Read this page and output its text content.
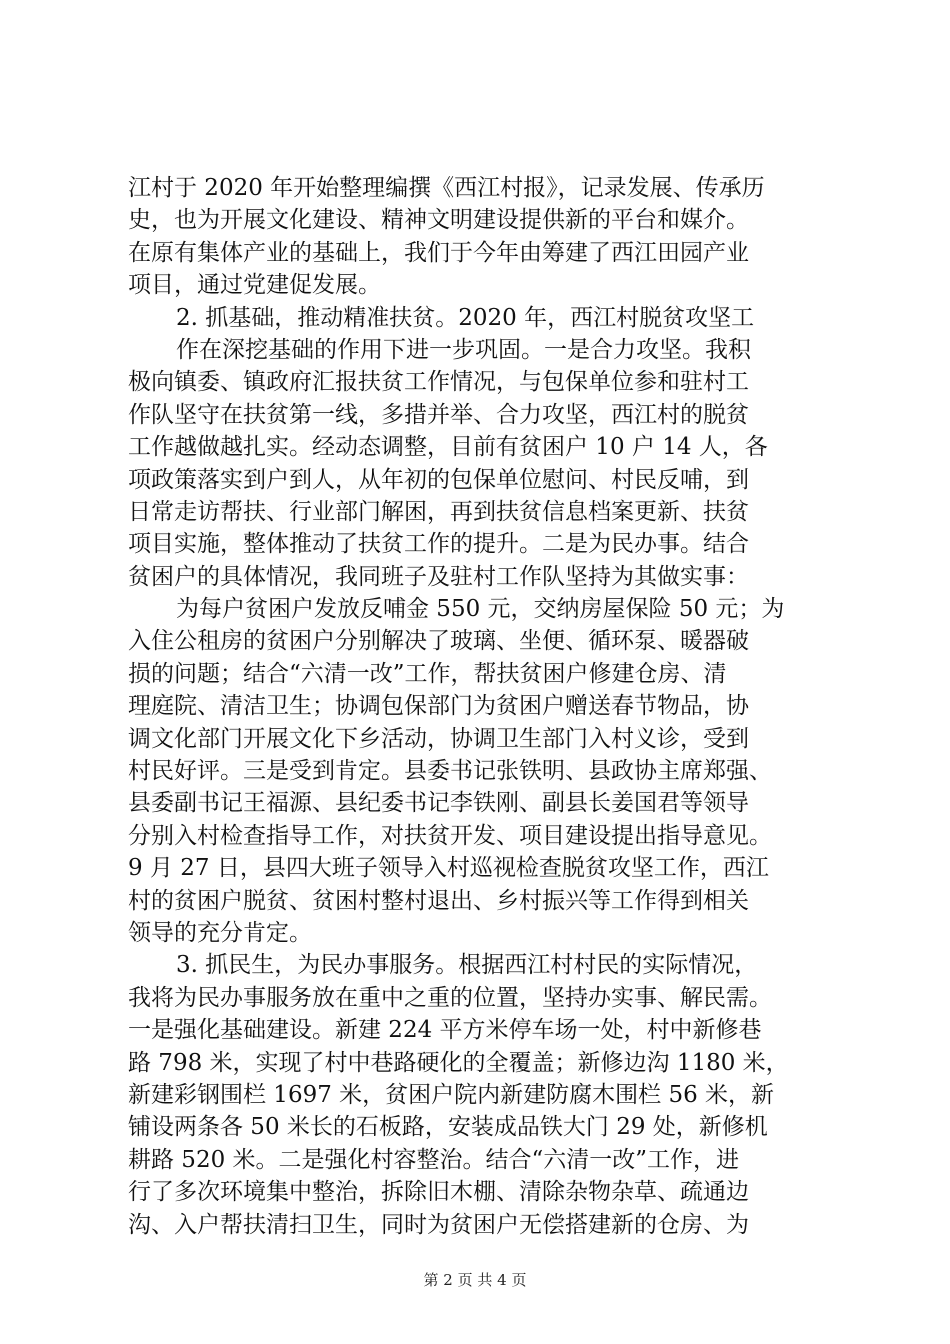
江村于 2020 年开始整理编撰《西江村报》，记录发展、传承历
史，也为开展文化建设、精神文明建设提供新的平台和媒介。
在原有集体产业的基础上，我们于今年由筹建了西江田园产业
项目，通过党建促发展。
2. 抓基础，推动精准扶贫。2020 年，西江村脱贫攻坚工
作在深挖基础的作用下进一步巩固。一是合力攻坚。我积
极向镇委、镇政府汇报扶贫工作情况，与包保单位参和驻村工
作队坚守在扶贫第一线，多措并举、合力攻坚，西江村的脱贫
工作越做越扎实。经动态调整，目前有贫困户 10 户 14 人，各
项政策落实到户到人，从年初的包保单位慰问、村民反哺，到
日常走访帮扶、行业部门解困，再到扶贫信息档案更新、扶贫
项目实施，整体推动了扶贫工作的提升。二是为民办事。结合
贫困户的具体情况，我同班子及驻村工作队坚持为其做实事：
为每户贫困户发放反哺金 550 元，交纳房屋保险 50 元；为
入住公租房的贫困户分别解决了玻璃、坐便、循环泵、暖器破
损的问题；结合“六清一改”工作，帮扶贫困户修建仓房、清
理庭院、清洁卫生；协调包保部门为贫困户赠送春节物品，协
调文化部门开展文化下乡活动，协调卫生部门入村义诊，受到
村民好评。三是受到肯定。县委书记张铁明、县政协主席郑强、
县委副书记王福源、县纪委书记李铁刚、副县长姜国君等领导
分别入村检查指导工作，对扶贫开发、项目建设提出指导意见。
9 月 27 日，县四大班子领导入村巡视检查脱贫攻坚工作，西江
村的贫困户脱贫、贫困村整村退出、乡村振兴等工作得到相关
领导的充分肯定。
3. 抓民生，为民办事服务。根据西江村村民的实际情况，
我将为民办事服务放在重中之重的位置，坚持办实事、解民需。
一是强化基础建设。新建 224 平方米停车场一处，村中新修巷
路 798 米，实现了村中巷路硬化的全覆盖；新修边沟 1180 米，
新建彩钢围栏 1697 米，贫困户院内新建防腐木围栏 56 米，新
铺设两条各 50 米长的石板路，安装成品铁大门 29 处，新修机
耕路 520 米。二是强化村容整治。结合“六清一改”工作，进
行了多次环境集中整治，拆除旧木棚、清除杂物杂草、疏通边
沟、入户帮扶清扫卫生，同时为贫困户无偿搭建新的仓房、为
第 2 页 共 4 页
